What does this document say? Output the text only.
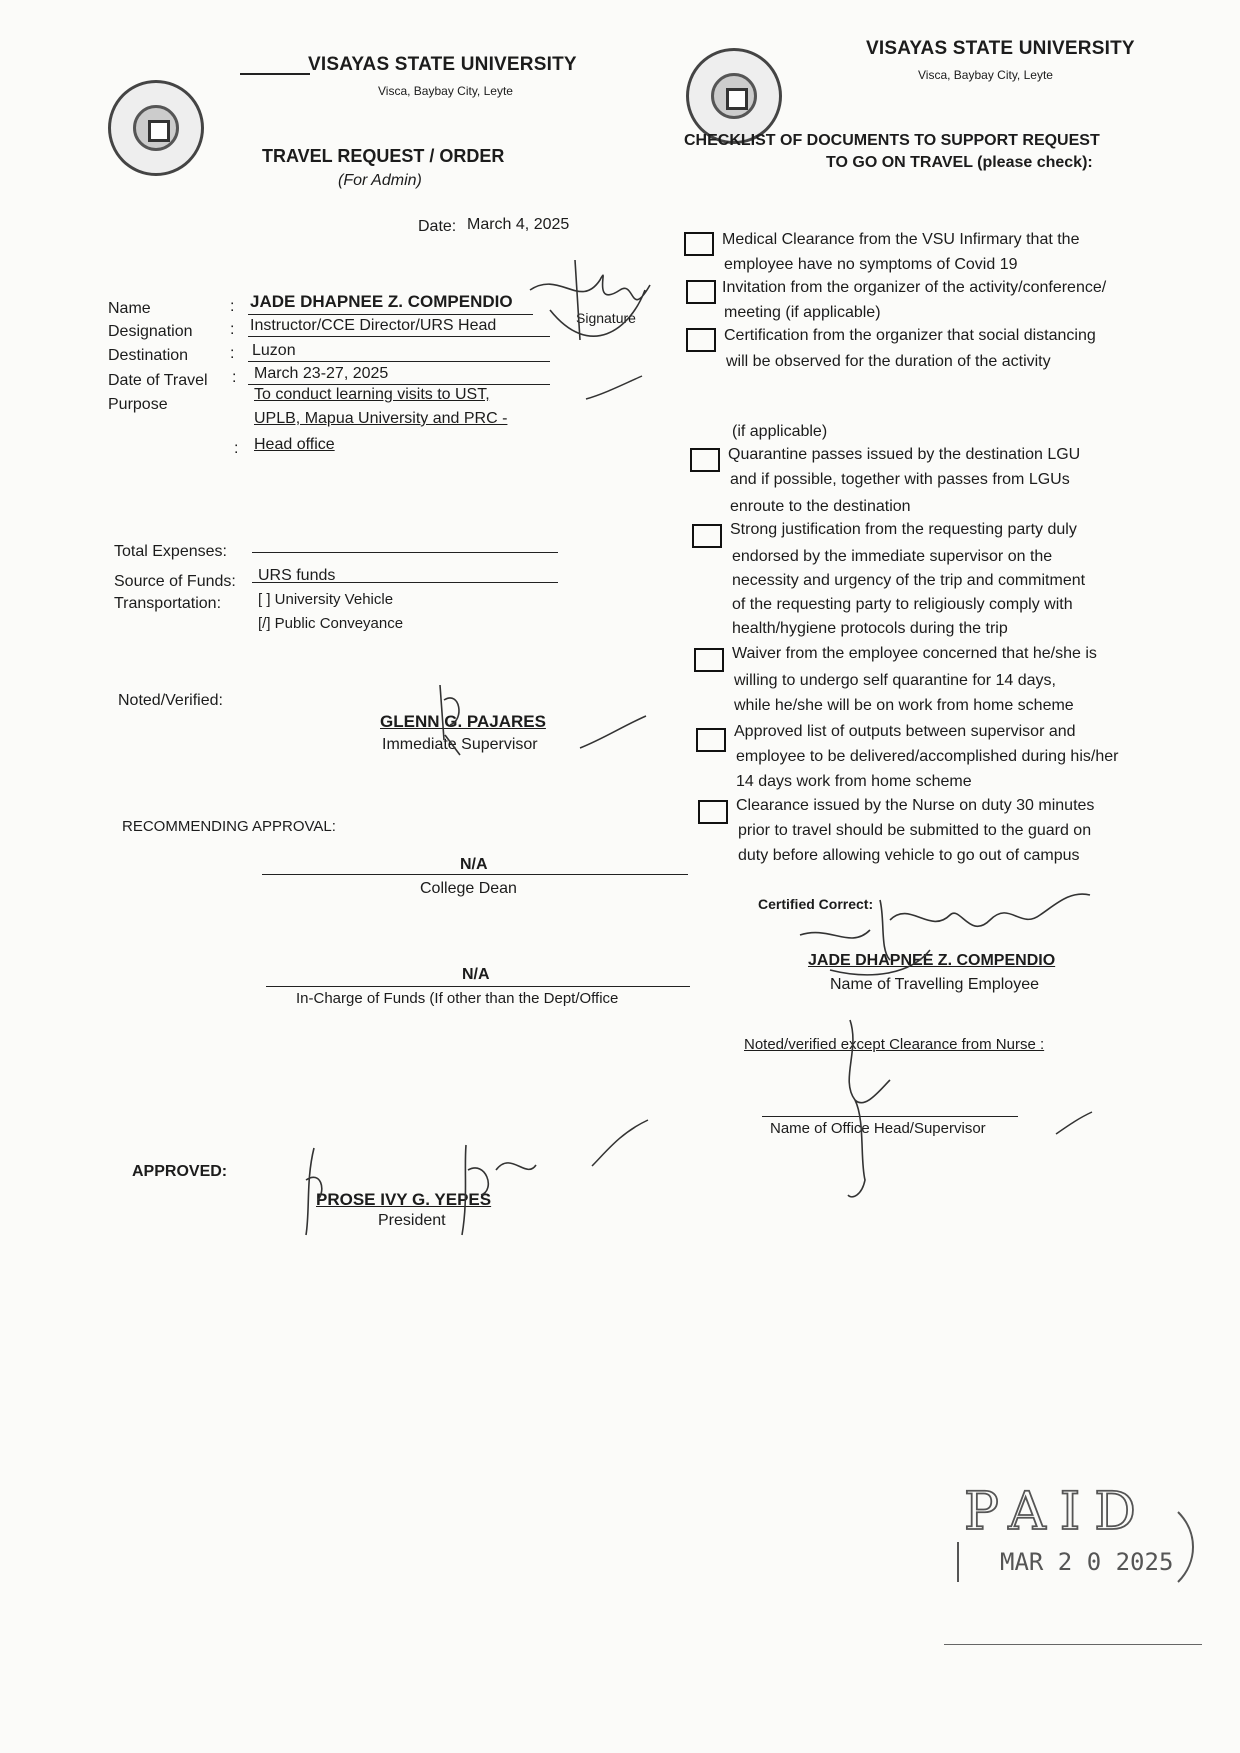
VISAYAS STATE UNIVERSITY
Visca, Baybay City, Leyte
TRAVEL REQUEST / ORDER
(For Admin)
Date: March 4, 2025
Name
Designation
Destination
Date of Travel
Purpose
:
:
:
:
:
JADE DHAPNEE Z. COMPENDIO
Instructor/CCE Director/URS Head	Signature
Luzon
March 23-27, 2025
To conduct learning visits to UST,
UPLB, Mapua University and PRC -
Head office
Total Expenses:
Source of Funds: URS funds
Transportation: [ ] University Vehicle
[/] Public Conveyance
Noted/Verified:
GLENN G. PAJARES
Immediate Supervisor
RECOMMENDING APPROVAL:
N/A
College Dean
N/A
In-Charge of Funds (If other than the Dept/Office
APPROVED:
PROSE IVY G. YEPES
President
VISAYAS STATE UNIVERSITY
Visca, Baybay City, Leyte
CHECKLIST OF DOCUMENTS TO SUPPORT REQUEST
TO GO ON TRAVEL (please check):
Medical Clearance from the VSU Infirmary that the
employee have no symptoms of Covid 19
Invitation from the organizer of the activity/conference/
meeting (if applicable)
Certification from the organizer that social distancing
will be observed for the duration of the activity
(if applicable)
Quarantine passes issued by the destination LGU
and if possible, together with passes from LGUs
enroute to the destination
Strong justification from the requesting party duly
endorsed by the immediate supervisor on the
necessity and urgency of the trip and commitment
of the requesting party to religiously comply with
health/hygiene protocols during the trip
Waiver from the employee concerned that he/she is
willing to undergo self quarantine for 14 days,
while he/she will be on work from home scheme
Approved list of outputs between supervisor and
employee to be delivered/accomplished during his/her
14 days work from home scheme
Clearance issued by the Nurse on duty 30 minutes
prior to travel should be submitted to the guard on
duty before allowing vehicle to go out of campus
Certified Correct:
JADE DHAPNEE Z. COMPENDIO
Name of Travelling Employee
Noted/verified except Clearance from Nurse :
Name of Office Head/Supervisor
PAID
MAR 2 0 2025
